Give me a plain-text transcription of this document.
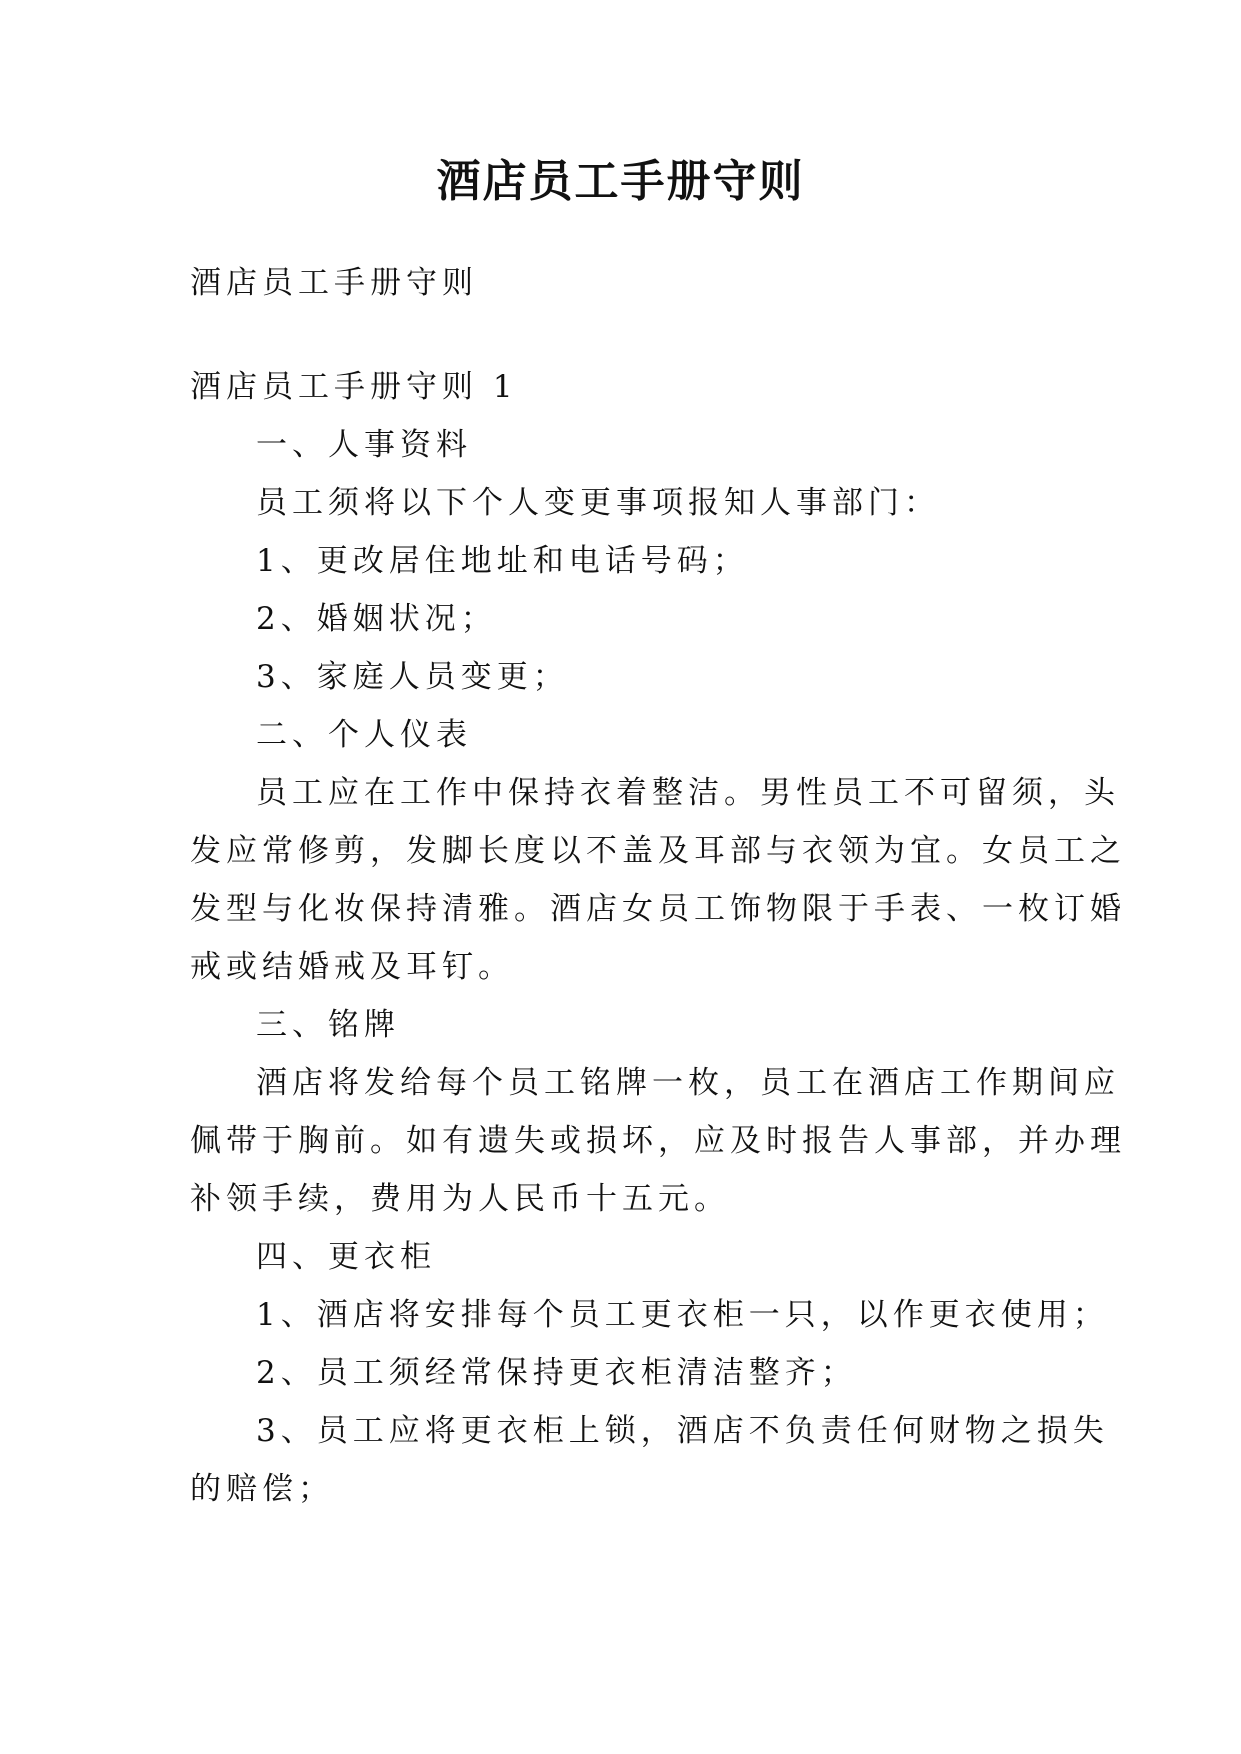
酒店员工手册守则
酒店员工手册守则
酒店员工手册守则 1
一、人事资料
员工须将以下个人变更事项报知人事部门：
1、更改居住地址和电话号码；
2、婚姻状况；
3、家庭人员变更；
二、个人仪表
员工应在工作中保持衣着整洁。男性员工不可留须，头
发应常修剪，发脚长度以不盖及耳部与衣领为宜。女员工之
发型与化妆保持清雅。酒店女员工饰物限于手表、一枚订婚
戒或结婚戒及耳钉。
三、铭牌
酒店将发给每个员工铭牌一枚，员工在酒店工作期间应
佩带于胸前。如有遗失或损坏，应及时报告人事部，并办理
补领手续，费用为人民币十五元。
四、更衣柜
1、酒店将安排每个员工更衣柜一只，以作更衣使用；
2、员工须经常保持更衣柜清洁整齐；
3、员工应将更衣柜上锁，酒店不负责任何财物之损失
的赔偿；
